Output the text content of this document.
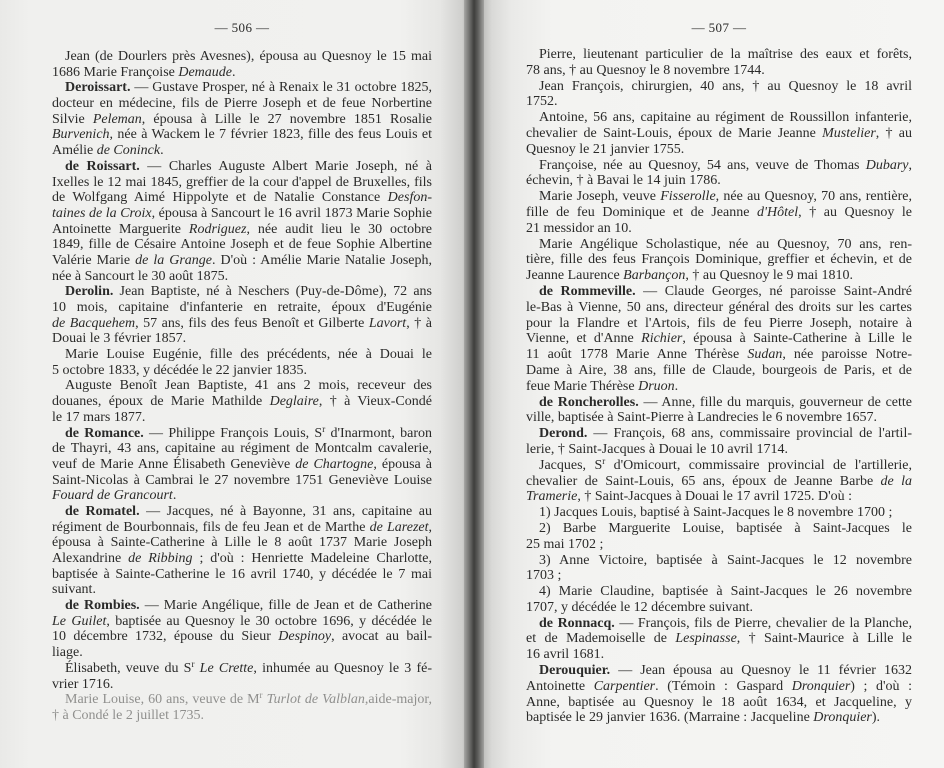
— 506 —
Jean (de Dourlers près Avesnes), épousa au Quesnoy le 15 mai
1686 Marie Françoise Demaude.
Deroissart. — Gustave Prosper, né à Renaix le 31 octobre 1825,
docteur en médecine, fils de Pierre Joseph et de feue Norbertine
Silvie Peleman, épousa à Lille le 27 novembre 1851 Rosalie
Burvenich, née à Wackem le 7 février 1823, fille des feus Louis et
Amélie de Coninck.
de Roissart. — Charles Auguste Albert Marie Joseph, né à
Ixelles le 12 mai 1845, greffier de la cour d'appel de Bruxelles, fils
de Wolfgang Aimé Hippolyte et de Natalie Constance Desfon-
taines de la Croix, épousa à Sancourt le 16 avril 1873 Marie Sophie
Antoinette Marguerite Rodriguez, née audit lieu le 30 octobre
1849, fille de Césaire Antoine Joseph et de feue Sophie Albertine
Valérie Marie de la Grange. D'où : Amélie Marie Natalie Joseph,
née à Sancourt le 30 août 1875.
Derolin. Jean Baptiste, né à Neschers (Puy-de-Dôme), 72 ans
10 mois, capitaine d'infanterie en retraite, époux d'Eugénie
de Bacquehem, 57 ans, fils des feus Benoît et Gilberte Lavort, † à
Douai le 3 février 1857.
Marie Louise Eugénie, fille des précédents, née à Douai le
5 octobre 1833, y décédée le 22 janvier 1835.
Auguste Benoît Jean Baptiste, 41 ans 2 mois, receveur des
douanes, époux de Marie Mathilde Deglaire, † à Vieux-Condé
le 17 mars 1877.
de Romance. — Philippe François Louis, $S^r$ d'Inarmont, baron
de Thayri, 43 ans, capitaine au régiment de Montcalm cavalerie,
veuf de Marie Anne Élisabeth Geneviève de Chartogne, épousa à
Saint-Nicolas à Cambrai le 27 novembre 1751 Geneviève Louise
Fouard de Grancourt.
de Romatel. — Jacques, né à Bayonne, 31 ans, capitaine au
régiment de Bourbonnais, fils de feu Jean et de Marthe de Larezet,
épousa à Sainte-Catherine à Lille le 8 août 1737 Marie Joseph
Alexandrine de Ribbing ; d'où : Henriette Madeleine Charlotte,
baptisée à Sainte-Catherine le 16 avril 1740, y décédée le 7 mai
suivant.
de Rombies. — Marie Angélique, fille de Jean et de Catherine
Le Guilet, baptisée au Quesnoy le 30 octobre 1696, y décédée le
10 décembre 1732, épouse du Sieur Despinoy, avocat au bail-
liage.
Élisabeth, veuve du $S^r$ Le Crette, inhumée au Quesnoy le 3 fé-
vrier 1716.
Marie Louise, 60 ans, veuve de $M^r$ Turlot de Valblan,aide-major,
† à Condé le 2 juillet 1735.
— 507 —
Pierre, lieutenant particulier de la maîtrise des eaux et forêts,
78 ans, † au Quesnoy le 8 novembre 1744.
Jean François, chirurgien, 40 ans, † au Quesnoy le 18 avril
1752.
Antoine, 56 ans, capitaine au régiment de Roussillon infanterie,
chevalier de Saint-Louis, époux de Marie Jeanne Mustelier, † au
Quesnoy le 21 janvier 1755.
Françoise, née au Quesnoy, 54 ans, veuve de Thomas Dubary,
échevin, † à Bavai le 14 juin 1786.
Marie Joseph, veuve Fisserolle, née au Quesnoy, 70 ans, rentière,
fille de feu Dominique et de Jeanne d'Hôtel, † au Quesnoy le
21 messidor an 10.
Marie Angélique Scholastique, née au Quesnoy, 70 ans, ren-
tière, fille des feus François Dominique, greffier et échevin, et de
Jeanne Laurence Barbançon, † au Quesnoy le 9 mai 1810.
de Rommeville. — Claude Georges, né paroisse Saint-André
le-Bas à Vienne, 50 ans, directeur général des droits sur les cartes
pour la Flandre et l'Artois, fils de feu Pierre Joseph, notaire à
Vienne, et d'Anne Richier, épousa à Sainte-Catherine à Lille le
11 août 1778 Marie Anne Thérèse Sudan, née paroisse Notre-
Dame à Aire, 38 ans, fille de Claude, bourgeois de Paris, et de
feue Marie Thérèse Druon.
de Roncherolles. — Anne, fille du marquis, gouverneur de cette
ville, baptisée à Saint-Pierre à Landrecies le 6 novembre 1657.
Derond. — François, 68 ans, commissaire provincial de l'artil-
lerie, † Saint-Jacques à Douai le 10 avril 1714.
Jacques, $S^r$ d'Omicourt, commissaire provincial de l'artillerie,
chevalier de Saint-Louis, 65 ans, époux de Jeanne Barbe de la
Tramerie, † Saint-Jacques à Douai le 17 avril 1725. D'où :
1) Jacques Louis, baptisé à Saint-Jacques le 8 novembre 1700 ;
2) Barbe Marguerite Louise, baptisée à Saint-Jacques le
25 mai 1702 ;
3) Anne Victoire, baptisée à Saint-Jacques le 12 novembre
1703 ;
4) Marie Claudine, baptisée à Saint-Jacques le 26 novembre
1707, y décédée le 12 décembre suivant.
de Ronnacq. — François, fils de Pierre, chevalier de la Planche,
et de Mademoiselle de Lespinasse, † Saint-Maurice à Lille le
16 avril 1681.
Derouquier. — Jean épousa au Quesnoy le 11 février 1632
Antoinette Carpentier. (Témoin : Gaspard Dronquier) ; d'où :
Anne, baptisée au Quesnoy le 18 août 1634, et Jacqueline, y
baptisée le 29 janvier 1636. (Marraine : Jacqueline Dronquier).
